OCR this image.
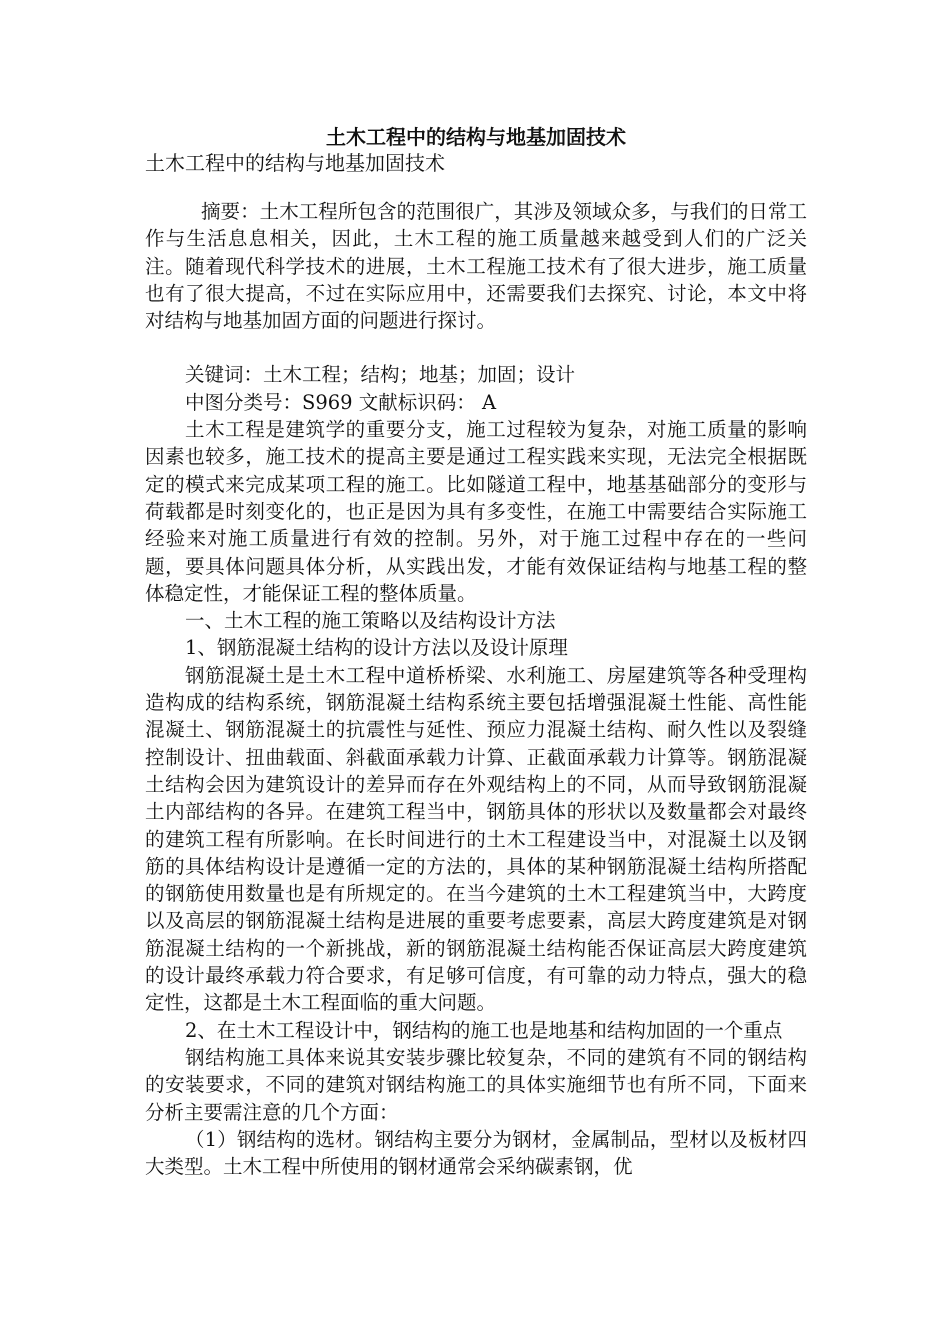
土木工程中的结构与地基加固技术
土木工程中的结构与地基加固技术

摘要：土木工程所包含的范围很广，其涉及领域众多，与我们的日常工作与生活息息相关，因此，土木工程的施工质量越来越受到人们的广泛关注。随着现代科学技术的进展，土木工程施工技术有了很大进步，施工质量也有了很大提高，不过在实际应用中，还需要我们去探究、讨论，本文中将对结构与地基加固方面的问题进行探讨。

关键词：土木工程；结构；地基；加固；设计

中图分类号：S969 文献标识码： A

土木工程是建筑学的重要分支，施工过程较为复杂，对施工质量的影响因素也较多，施工技术的提高主要是通过工程实践来实现，无法完全根据既定的模式来完成某项工程的施工。比如隧道工程中，地基基础部分的变形与荷载都是时刻变化的，也正是因为具有多变性，在施工中需要结合实际施工经验来对施工质量进行有效的控制。另外，对于施工过程中存在的一些问题，要具体问题具体分析，从实践出发，才能有效保证结构与地基工程的整体稳定性，才能保证工程的整体质量。

一、土木工程的施工策略以及结构设计方法

1、钢筋混凝土结构的设计方法以及设计原理

钢筋混凝土是土木工程中道桥桥梁、水利施工、房屋建筑等各种受理构造构成的结构系统，钢筋混凝土结构系统主要包括增强混凝土性能、高性能混凝土、钢筋混凝土的抗震性与延性、预应力混凝土结构、耐久性以及裂缝控制设计、扭曲载面、斜截面承载力计算、正截面承载力计算等。钢筋混凝土结构会因为建筑设计的差异而存在外观结构上的不同，从而导致钢筋混凝土内部结构的各异。在建筑工程当中，钢筋具体的形状以及数量都会对最终的建筑工程有所影响。在长时间进行的土木工程建设当中，对混凝土以及钢筋的具体结构设计是遵循一定的方法的，具体的某种钢筋混凝土结构所搭配的钢筋使用数量也是有所规定的。在当今建筑的土木工程建筑当中，大跨度以及高层的钢筋混凝土结构是进展的重要考虑要素，高层大跨度建筑是对钢筋混凝土结构的一个新挑战，新的钢筋混凝土结构能否保证高层大跨度建筑的设计最终承载力符合要求，有足够可信度，有可靠的动力特点，强大的稳定性，这都是土木工程面临的重大问题。

2、在土木工程设计中，钢结构的施工也是地基和结构加固的一个重点

钢结构施工具体来说其安装步骤比较复杂，不同的建筑有不同的钢结构的安装要求，不同的建筑对钢结构施工的具体实施细节也有所不同，下面来分析主要需注意的几个方面：

（1）钢结构的选材。钢结构主要分为钢材，金属制品，型材以及板材四大类型。土木工程中所使用的钢材通常会采纳碳素钢，优
